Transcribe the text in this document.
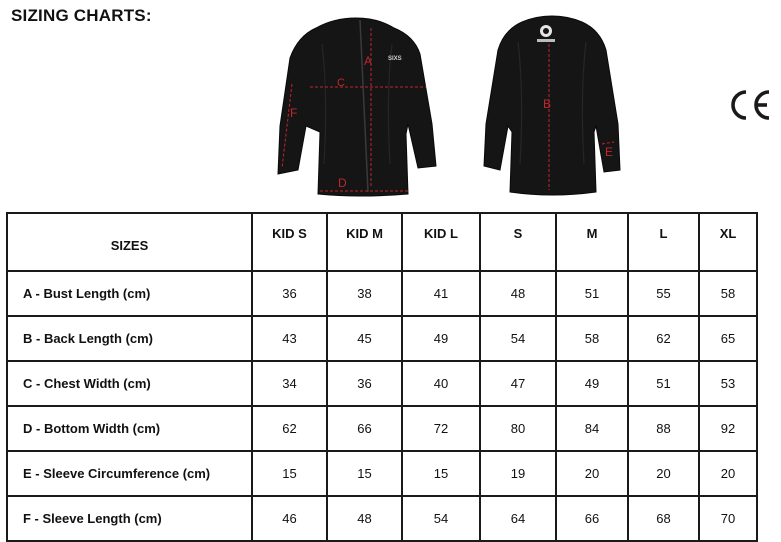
SIZING CHARTS:
SIXS
A
C
F
D
B
E
SIZES	KID S	KID M	KID L	S	M	L	XL
A - Bust Length (cm)	36	38	41	48	51	55	58
B - Back Length (cm)	43	45	49	54	58	62	65
C - Chest Width (cm)	34	36	40	47	49	51	53
D - Bottom Width (cm)	62	66	72	80	84	88	92
E - Sleeve Circumference (cm)	15	15	15	19	20	20	20
F - Sleeve Length (cm)	46	48	54	64	66	68	70
